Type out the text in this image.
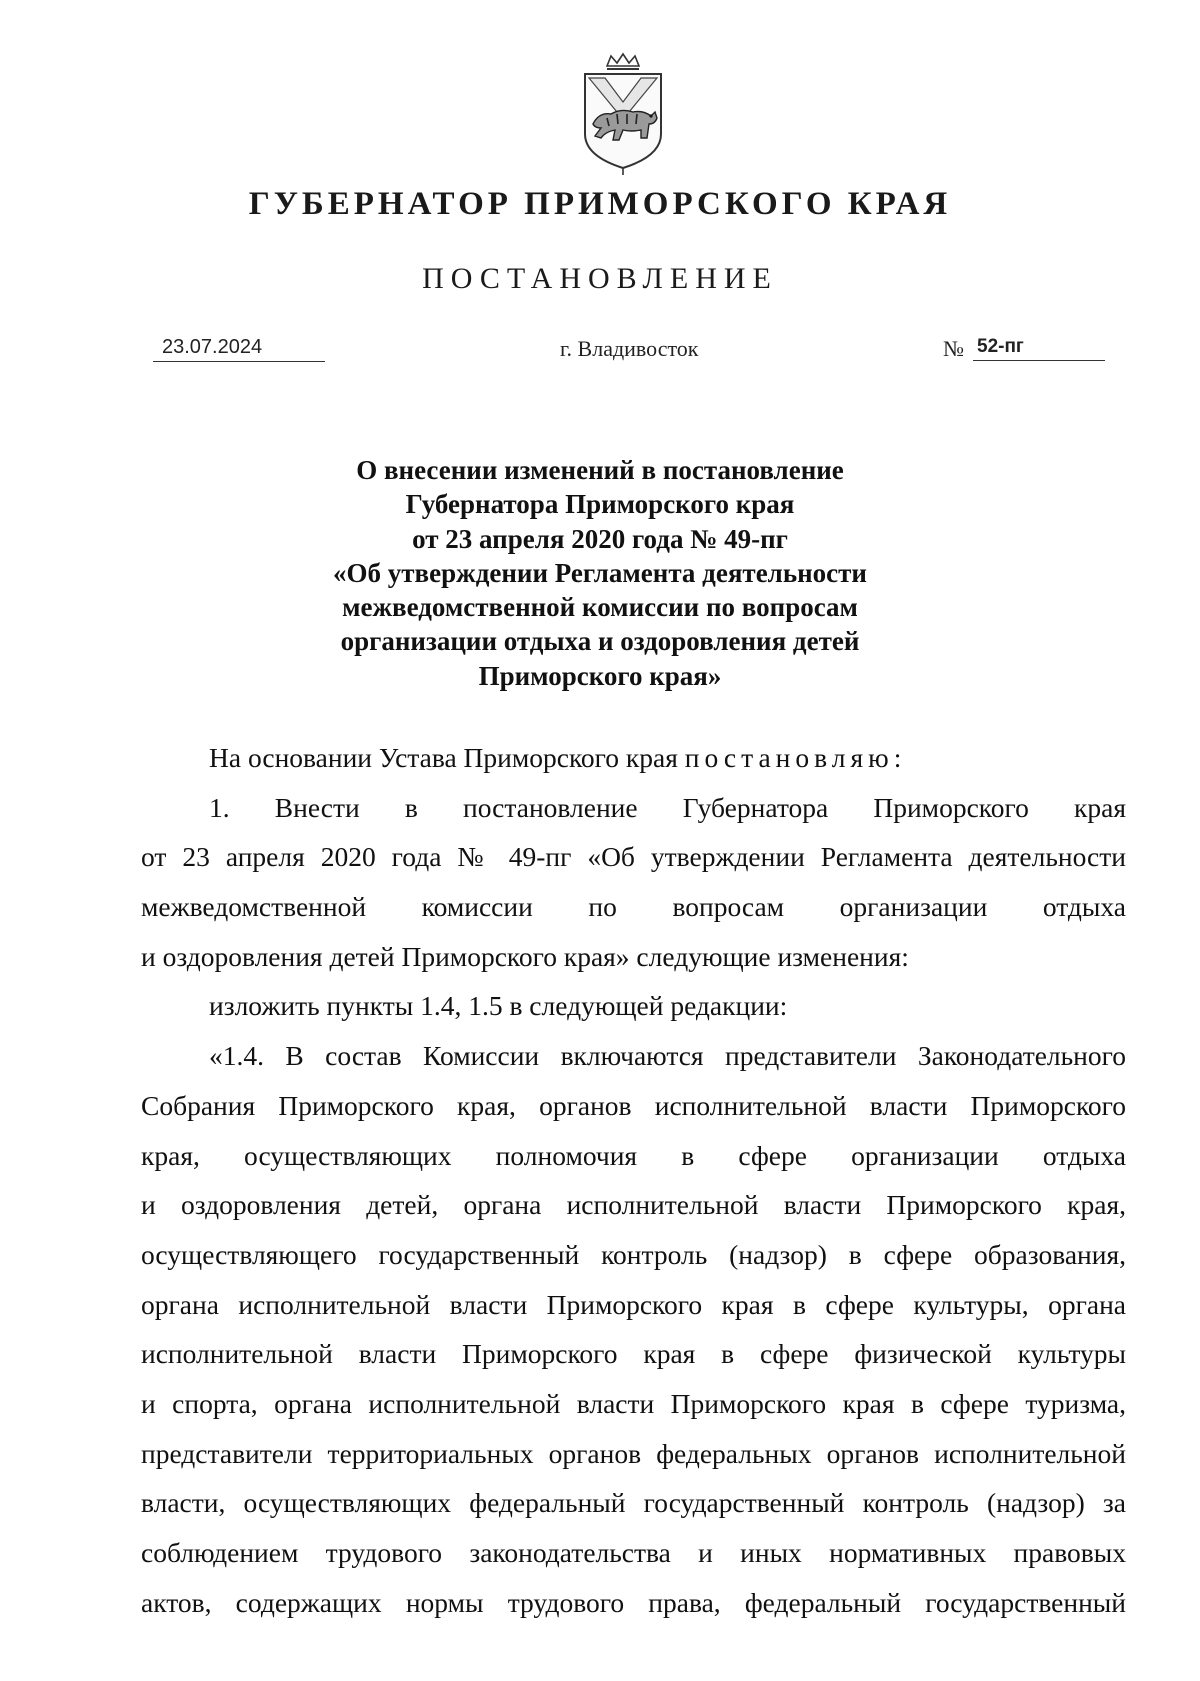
ГУБЕРНАТОР ПРИМОРСКОГО КРАЯ
ПОСТАНОВЛЕНИЕ
23.07.2024	г. Владивосток	№ 52-пг
О внесении изменений в постановление
Губернатора Приморского края
от 23 апреля 2020 года № 49-пг
«Об утверждении Регламента деятельности
межведомственной комиссии по вопросам
организации отдыха и оздоровления детей
Приморского края»
На основании Устава Приморского края постановляю:
1. Внести в постановление Губернатора Приморского края
от 23 апреля 2020 года № 49-пг «Об утверждении Регламента деятельности
межведомственной комиссии по вопросам организации отдыха
и оздоровления детей Приморского края» следующие изменения:
изложить пункты 1.4, 1.5 в следующей редакции:
«1.4. В состав Комиссии включаются представители Законодательного
Собрания Приморского края, органов исполнительной власти Приморского
края, осуществляющих полномочия в сфере организации отдыха
и оздоровления детей, органа исполнительной власти Приморского края,
осуществляющего государственный контроль (надзор) в сфере образования,
органа исполнительной власти Приморского края в сфере культуры, органа
исполнительной власти Приморского края в сфере физической культуры
и спорта, органа исполнительной власти Приморского края в сфере туризма,
представители территориальных органов федеральных органов исполнительной
власти, осуществляющих федеральный государственный контроль (надзор) за
соблюдением трудового законодательства и иных нормативных правовых
актов, содержащих нормы трудового права, федеральный государственный
